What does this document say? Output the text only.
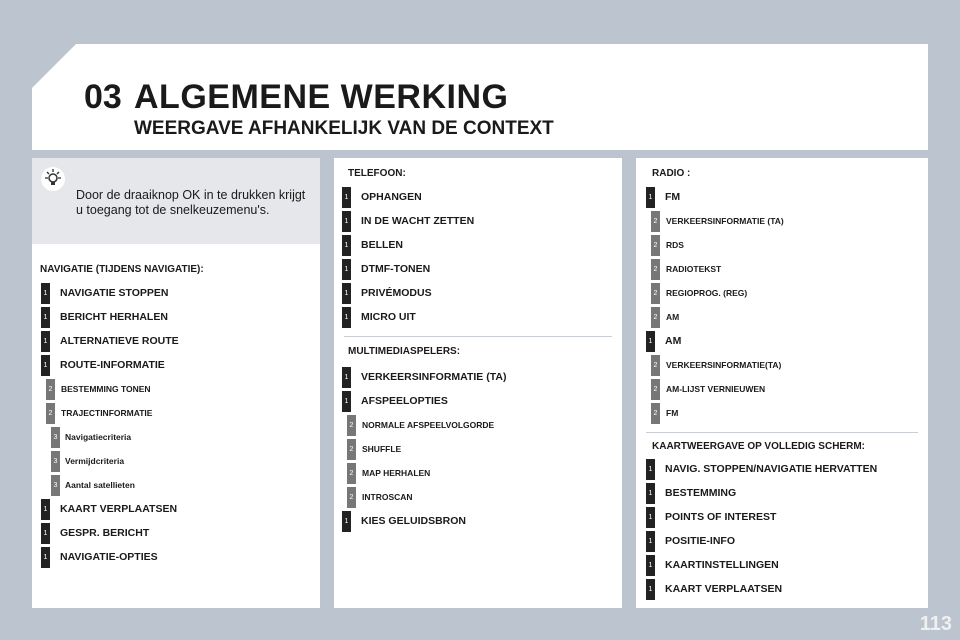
03 ALGEMENE WERKING
WEERGAVE AFHANKELIJK VAN DE CONTEXT
Door de draaiknop OK in te drukken krijgt u toegang tot de snelkeuzemenu's.
NAVIGATIE (TIJDENS NAVIGATIE):
1 NAVIGATIE STOPPEN
1 BERICHT HERHALEN
1 ALTERNATIEVE ROUTE
1 ROUTE-INFORMATIE
2 BESTEMMING TONEN
2 TRAJECTINFORMATIE
3 Navigatiecriteria
3 Vermijdcriteria
3 Aantal satellieten
1 KAART VERPLAATSEN
1 GESPR. BERICHT
1 NAVIGATIE-OPTIES
TELEFOON:
1 OPHANGEN
1 IN DE WACHT ZETTEN
1 BELLEN
1 DTMF-TONEN
1 PRIVÉMODUS
1 MICRO UIT
MULTIMEDIASPELERS:
1 VERKEERSINFORMATIE (TA)
1 AFSPEELOPTIES
2 NORMALE AFSPEELVOLGORDE
2 SHUFFLE
2 MAP HERHALEN
2 INTROSCAN
1 KIES GELUIDSBRON
RADIO :
1 FM
2 VERKEERSINFORMATIE (TA)
2 RDS
2 RADIOTEKST
2 REGIOPROG. (REG)
2 AM
1 AM
2 VERKEERSINFORMATIE(TA)
2 AM-LIJST VERNIEUWEN
2 FM
KAARTWEERGAVE OP VOLLEDIG SCHERM:
1 NAVIG. STOPPEN/NAVIGATIE HERVATTEN
1 BESTEMMING
1 POINTS OF INTEREST
1 POSITIE-INFO
1 KAARTINSTELLINGEN
1 KAART VERPLAATSEN
113
